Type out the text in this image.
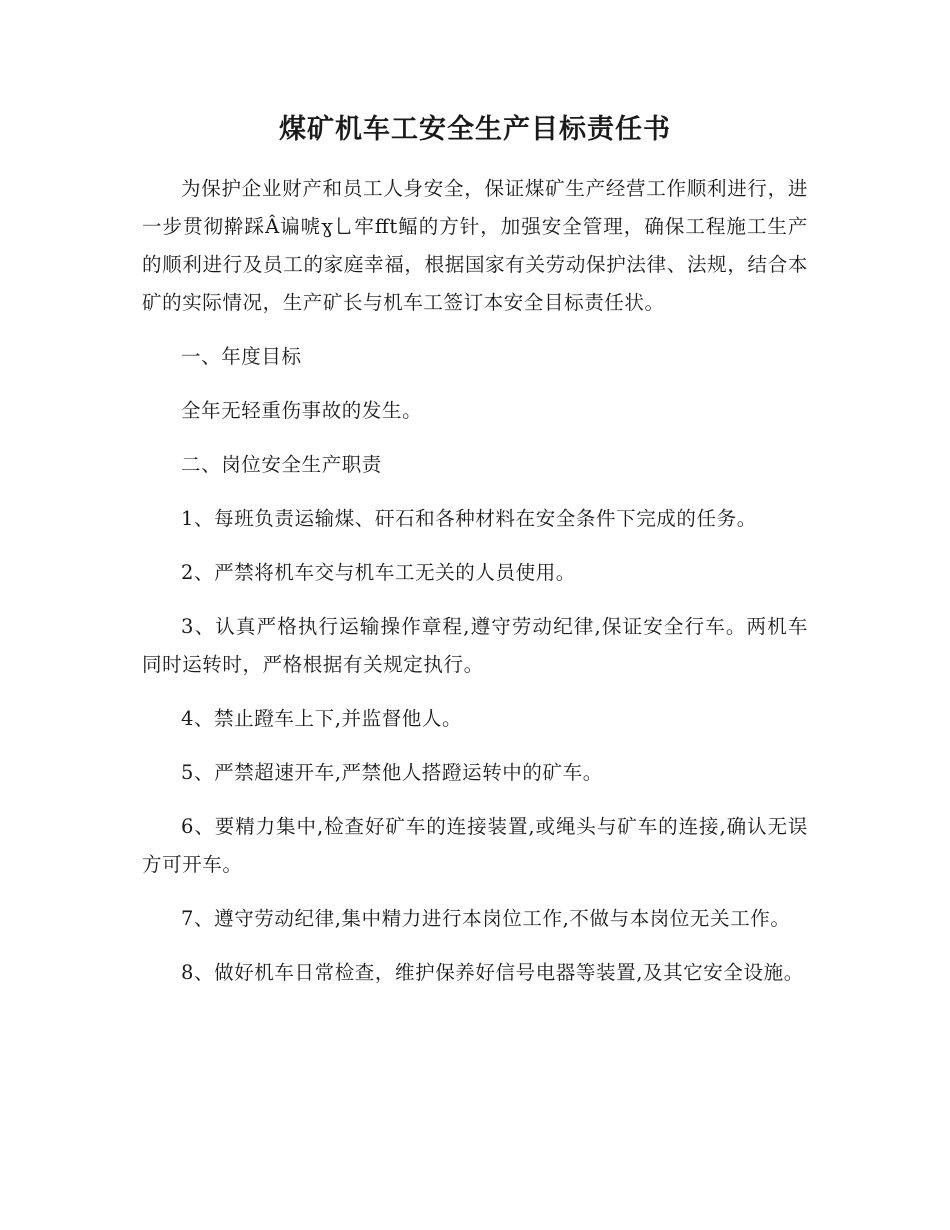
煤矿机车工安全生产目标责任书

为保护企业财产和员工人身安全，保证煤矿生产经营工作顺利进行，进一步贯彻擀踩Â谝唬ɣ乚牢ﬀt鲾的方针，加强安全管理，确保工程施工生产的顺利进行及员工的家庭幸福，根据国家有关劳动保护法律、法规，结合本矿的实际情况，生产矿长与机车工签订本安全目标责任状。

一、年度目标

全年无轻重伤事故的发生。

二、岗位安全生产职责

1、每班负责运输煤、矸石和各种材料在安全条件下完成的任务。

2、严禁将机车交与机车工无关的人员使用。

3、认真严格执行运输操作章程,遵守劳动纪律,保证安全行车。两机车同时运转时，严格根据有关规定执行。

4、禁止蹬车上下,并监督他人。

5、严禁超速开车,严禁他人搭蹬运转中的矿车。

6、要精力集中,检查好矿车的连接装置,或绳头与矿车的连接,确认无误方可开车。

7、遵守劳动纪律,集中精力进行本岗位工作,不做与本岗位无关工作。

8、做好机车日常检查，维护保养好信号电器等装置,及其它安全设施。
